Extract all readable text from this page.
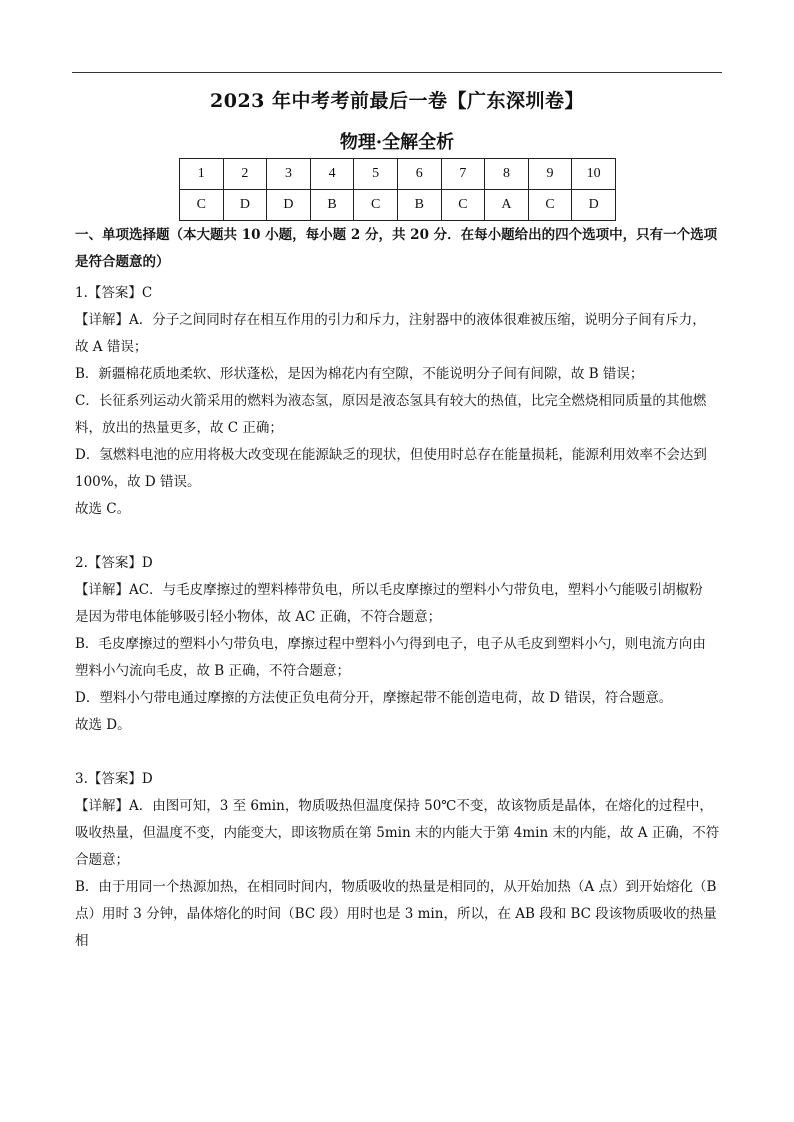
2023 年中考考前最后一卷【广东深圳卷】
物理·全解全析
1	2	3	4	5	6	7	8	9	10
C	D	D	B	C	B	C	A	C	D

一、单项选择题（本大题共 10 小题，每小题 2 分，共 20 分．在每小题给出的四个选项中，只有一个选项

是符合题意的）

1.【答案】C

【详解】A．分子之间同时存在相互作用的引力和斥力，注射器中的液体很难被压缩，说明分子间有斥力，

故 A 错误；

B．新疆棉花质地柔软、形状蓬松，是因为棉花内有空隙，不能说明分子间有间隙，故 B 错误；

C．长征系列运动火箭采用的燃料为液态氢，原因是液态氢具有较大的热值，比完全燃烧相同质量的其他燃

料，放出的热量更多，故 C 正确；

D．氢燃料电池的应用将极大改变现在能源缺乏的现状，但使用时总存在能量损耗，能源利用效率不会达到

100%，故 D 错误。

故选 C。

2.【答案】D

【详解】AC．与毛皮摩擦过的塑料棒带负电，所以毛皮摩擦过的塑料小勺带负电，塑料小勺能吸引胡椒粉

是因为带电体能够吸引轻小物体，故 AC 正确，不符合题意；

B．毛皮摩擦过的塑料小勺带负电，摩擦过程中塑料小勺得到电子，电子从毛皮到塑料小勺，则电流方向由

塑料小勺流向毛皮，故 B 正确，不符合题意；

D．塑料小勺带电通过摩擦的方法使正负电荷分开，摩擦起带不能创造电荷，故 D 错误，符合题意。

故选 D。

3.【答案】D

【详解】A．由图可知，3 至 6min，物质吸热但温度保持 50℃不变，故该物质是晶体，在熔化的过程中，

吸收热量，但温度不变，内能变大，即该物质在第 5min 末的内能大于第 4min 末的内能，故 A 正确，不符

合题意；

B．由于用同一个热源加热，在相同时间内，物质吸收的热量是相同的，从开始加热（A 点）到开始熔化（B

点）用时 3 分钟，晶体熔化的时间（BC 段）用时也是 3 min，所以，在 AB 段和 BC 段该物质吸收的热量相
